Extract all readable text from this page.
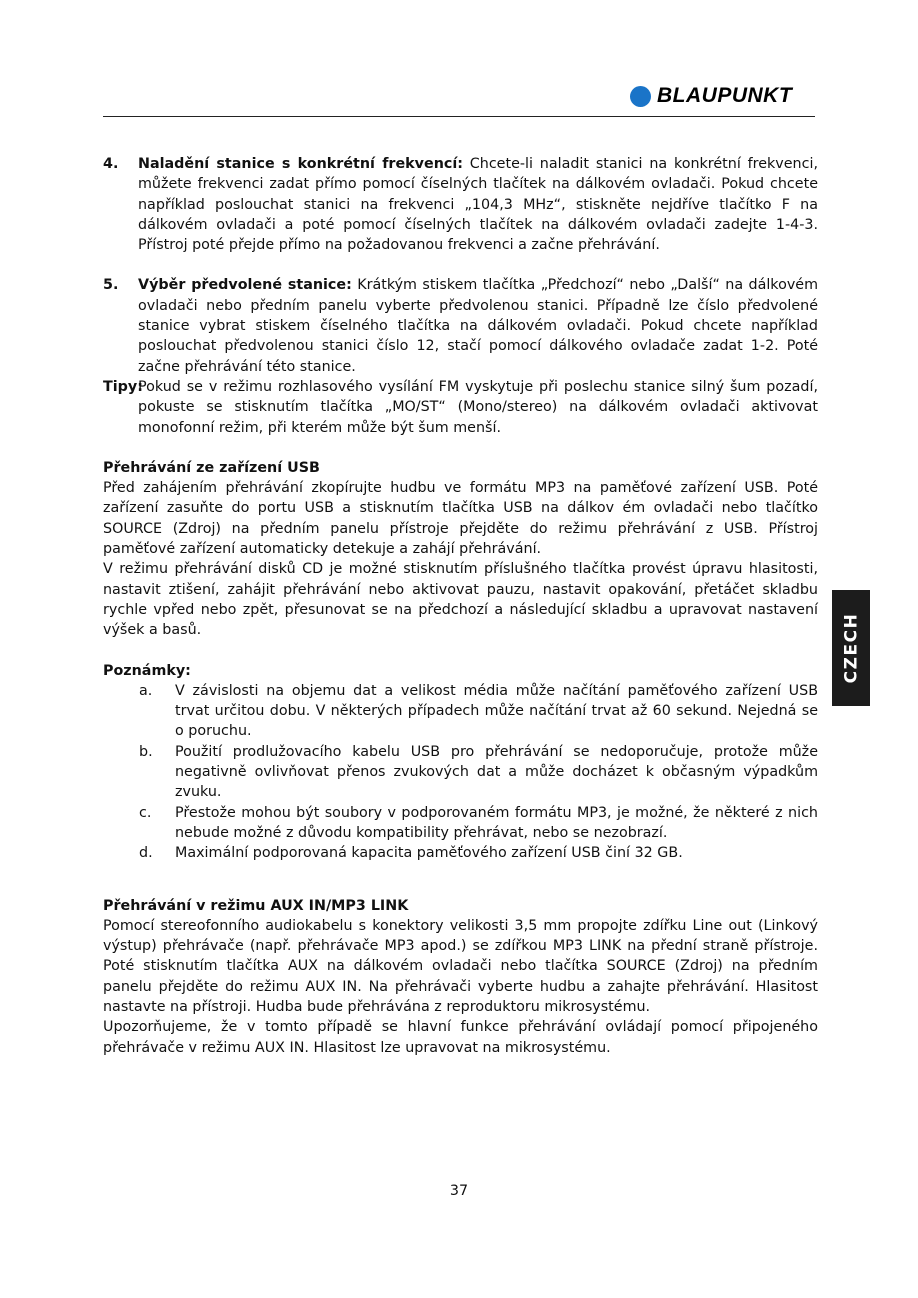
BLAUPUNKT
CZECH
4. Naladění stanice s konkrétní frekvencí: Chcete-li naladit stanici na konkrétní frekvenci, můžete frekvenci zadat přímo pomocí číselných tlačítek na dálkovém ovladači. Pokud chcete například poslouchat stanici na frekvenci „104,3 MHz“, stiskněte nejdříve tlačítko F na dálkovém ovladači a poté pomocí číselných tlačítek na dálkovém ovladači zadejte 1-4-3. Přístroj poté přejde přímo na požadovanou frekvenci a začne přehrávání.
5. Výběr předvolené stanice: Krátkým stiskem tlačítka „Předchozí“ nebo „Další“ na dálkovém ovladači nebo předním panelu vyberte předvolenou stanici. Případně lze číslo předvolené stanice vybrat stiskem číselného tlačítka na dálkovém ovladači. Pokud chcete například poslouchat předvolenou stanici číslo 12, stačí pomocí dálkového ovladače zadat 1-2. Poté začne přehrávání této stanice.
Tipy:
Pokud se v režimu rozhlasového vysílání FM vyskytuje při poslechu stanice silný šum pozadí, pokuste se stisknutím tlačítka „MO/ST“ (Mono/stereo) na dálkovém ovladači aktivovat monofonní režim, při kterém může být šum menší.
Přehrávání ze zařízení USB
Před zahájením přehrávání zkopírujte hudbu ve formátu MP3 na paměťové zařízení USB. Poté zařízení zasuňte do portu USB a stisknutím tlačítka USB na dálkov ém ovladači nebo tlačítko SOURCE (Zdroj) na předním panelu přístroje přejděte do režimu přehrávání z USB. Přístroj paměťové zařízení automaticky detekuje a zahájí přehrávání.
V režimu přehrávání disků CD je možné stisknutím příslušného tlačítka provést úpravu hlasitosti, nastavit ztišení, zahájit přehrávání nebo aktivovat pauzu, nastavit opakování, přetáčet skladbu rychle vpřed nebo zpět, přesunovat se na předchozí a následující skladbu a upravovat nastavení výšek a basů.
Poznámky:
a. V závislosti na objemu dat a velikost média může načítání paměťového zařízení USB trvat určitou dobu. V některých případech může načítání trvat až 60 sekund. Nejedná se o poruchu.
b. Použití prodlužovacího kabelu USB pro přehrávání se nedoporučuje, protože může negativně ovlivňovat přenos zvukových dat a může docházet k občasným výpadkům zvuku.
c. Přestože mohou být soubory v podporovaném formátu MP3, je možné, že některé z nich nebude možné z důvodu kompatibility přehrávat, nebo se nezobrazí.
d. Maximální podporovaná kapacita paměťového zařízení USB činí 32 GB.
Přehrávání v režimu AUX IN/MP3 LINK
Pomocí stereofonního audiokabelu s konektory velikosti 3,5 mm propojte zdířku Line out (Linkový výstup) přehrávače (např. přehrávače MP3 apod.) se zdířkou MP3 LINK na přední straně přístroje. Poté stisknutím tlačítka AUX na dálkovém ovladači nebo tlačítka SOURCE (Zdroj) na předním panelu přejděte do režimu AUX IN. Na přehrávači vyberte hudbu a zahajte přehrávání. Hlasitost nastavte na přístroji. Hudba bude přehrávána z reproduktoru mikrosystému.
Upozorňujeme, že v tomto případě se hlavní funkce přehrávání ovládají pomocí připojeného přehrávače v režimu AUX IN. Hlasitost lze upravovat na mikrosystému.
37
